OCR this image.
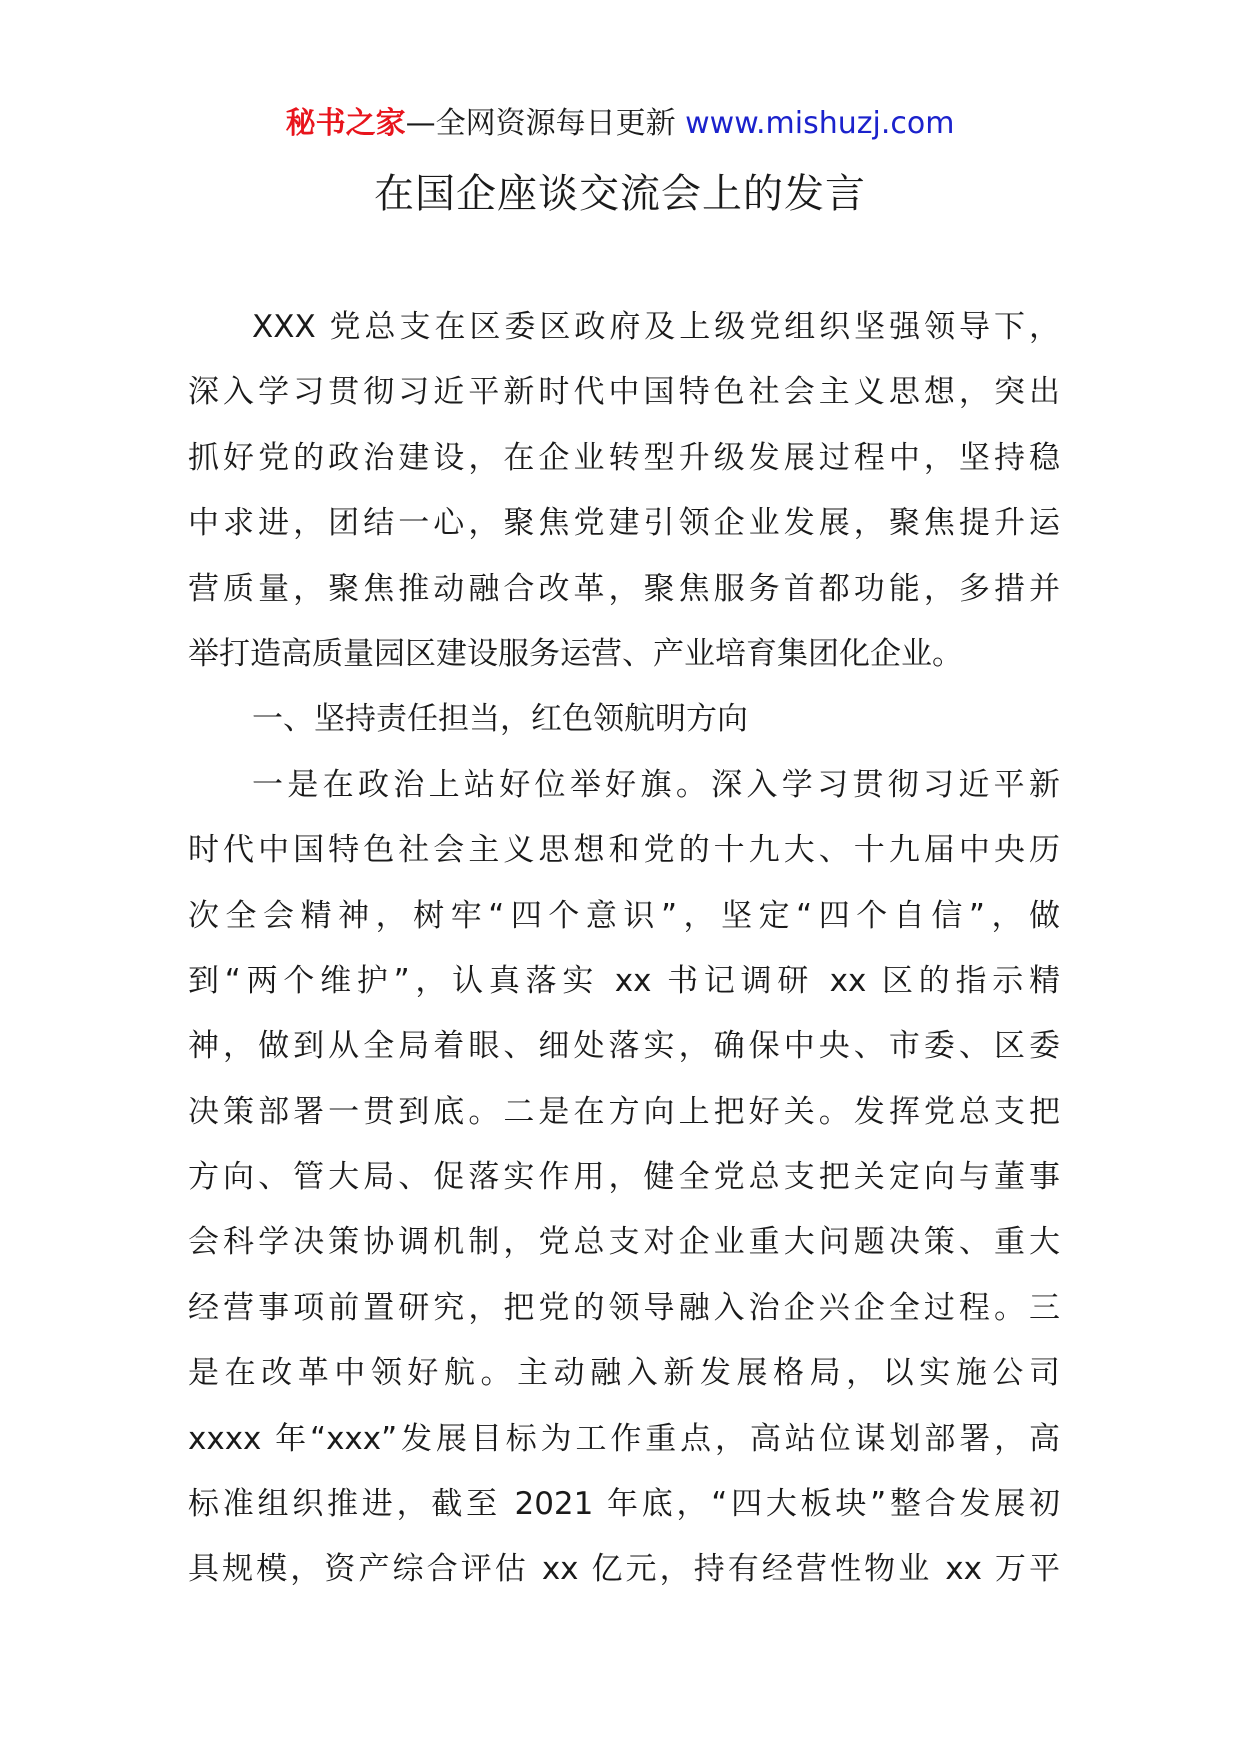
秘书之家—全网资源每日更新 www.mishuzj.com
在国企座谈交流会上的发言
XXX 党总支在区委区政府及上级党组织坚强领导下，
深入学习贯彻习近平新时代中国特色社会主义思想，突出
抓好党的政治建设，在企业转型升级发展过程中，坚持稳
中求进，团结一心，聚焦党建引领企业发展，聚焦提升运
营质量，聚焦推动融合改革，聚焦服务首都功能，多措并
举打造高质量园区建设服务运营、产业培育集团化企业。
一、坚持责任担当，红色领航明方向
一是在政治上站好位举好旗。深入学习贯彻习近平新
时代中国特色社会主义思想和党的十九大、十九届中央历
次全会精神，树牢“四个意识”，坚定“四个自信”，做
到“两个维护”，认真落实 xx 书记调研 xx 区的指示精
神，做到从全局着眼、细处落实，确保中央、市委、区委
决策部署一贯到底。二是在方向上把好关。发挥党总支把
方向、管大局、促落实作用，健全党总支把关定向与董事
会科学决策协调机制，党总支对企业重大问题决策、重大
经营事项前置研究，把党的领导融入治企兴企全过程。三
是在改革中领好航。主动融入新发展格局，以实施公司
xxxx 年“xxx”发展目标为工作重点，高站位谋划部署，高
标准组织推进，截至 2021 年底，“四大板块”整合发展初
具规模，资产综合评估 xx 亿元，持有经营性物业 xx 万平
